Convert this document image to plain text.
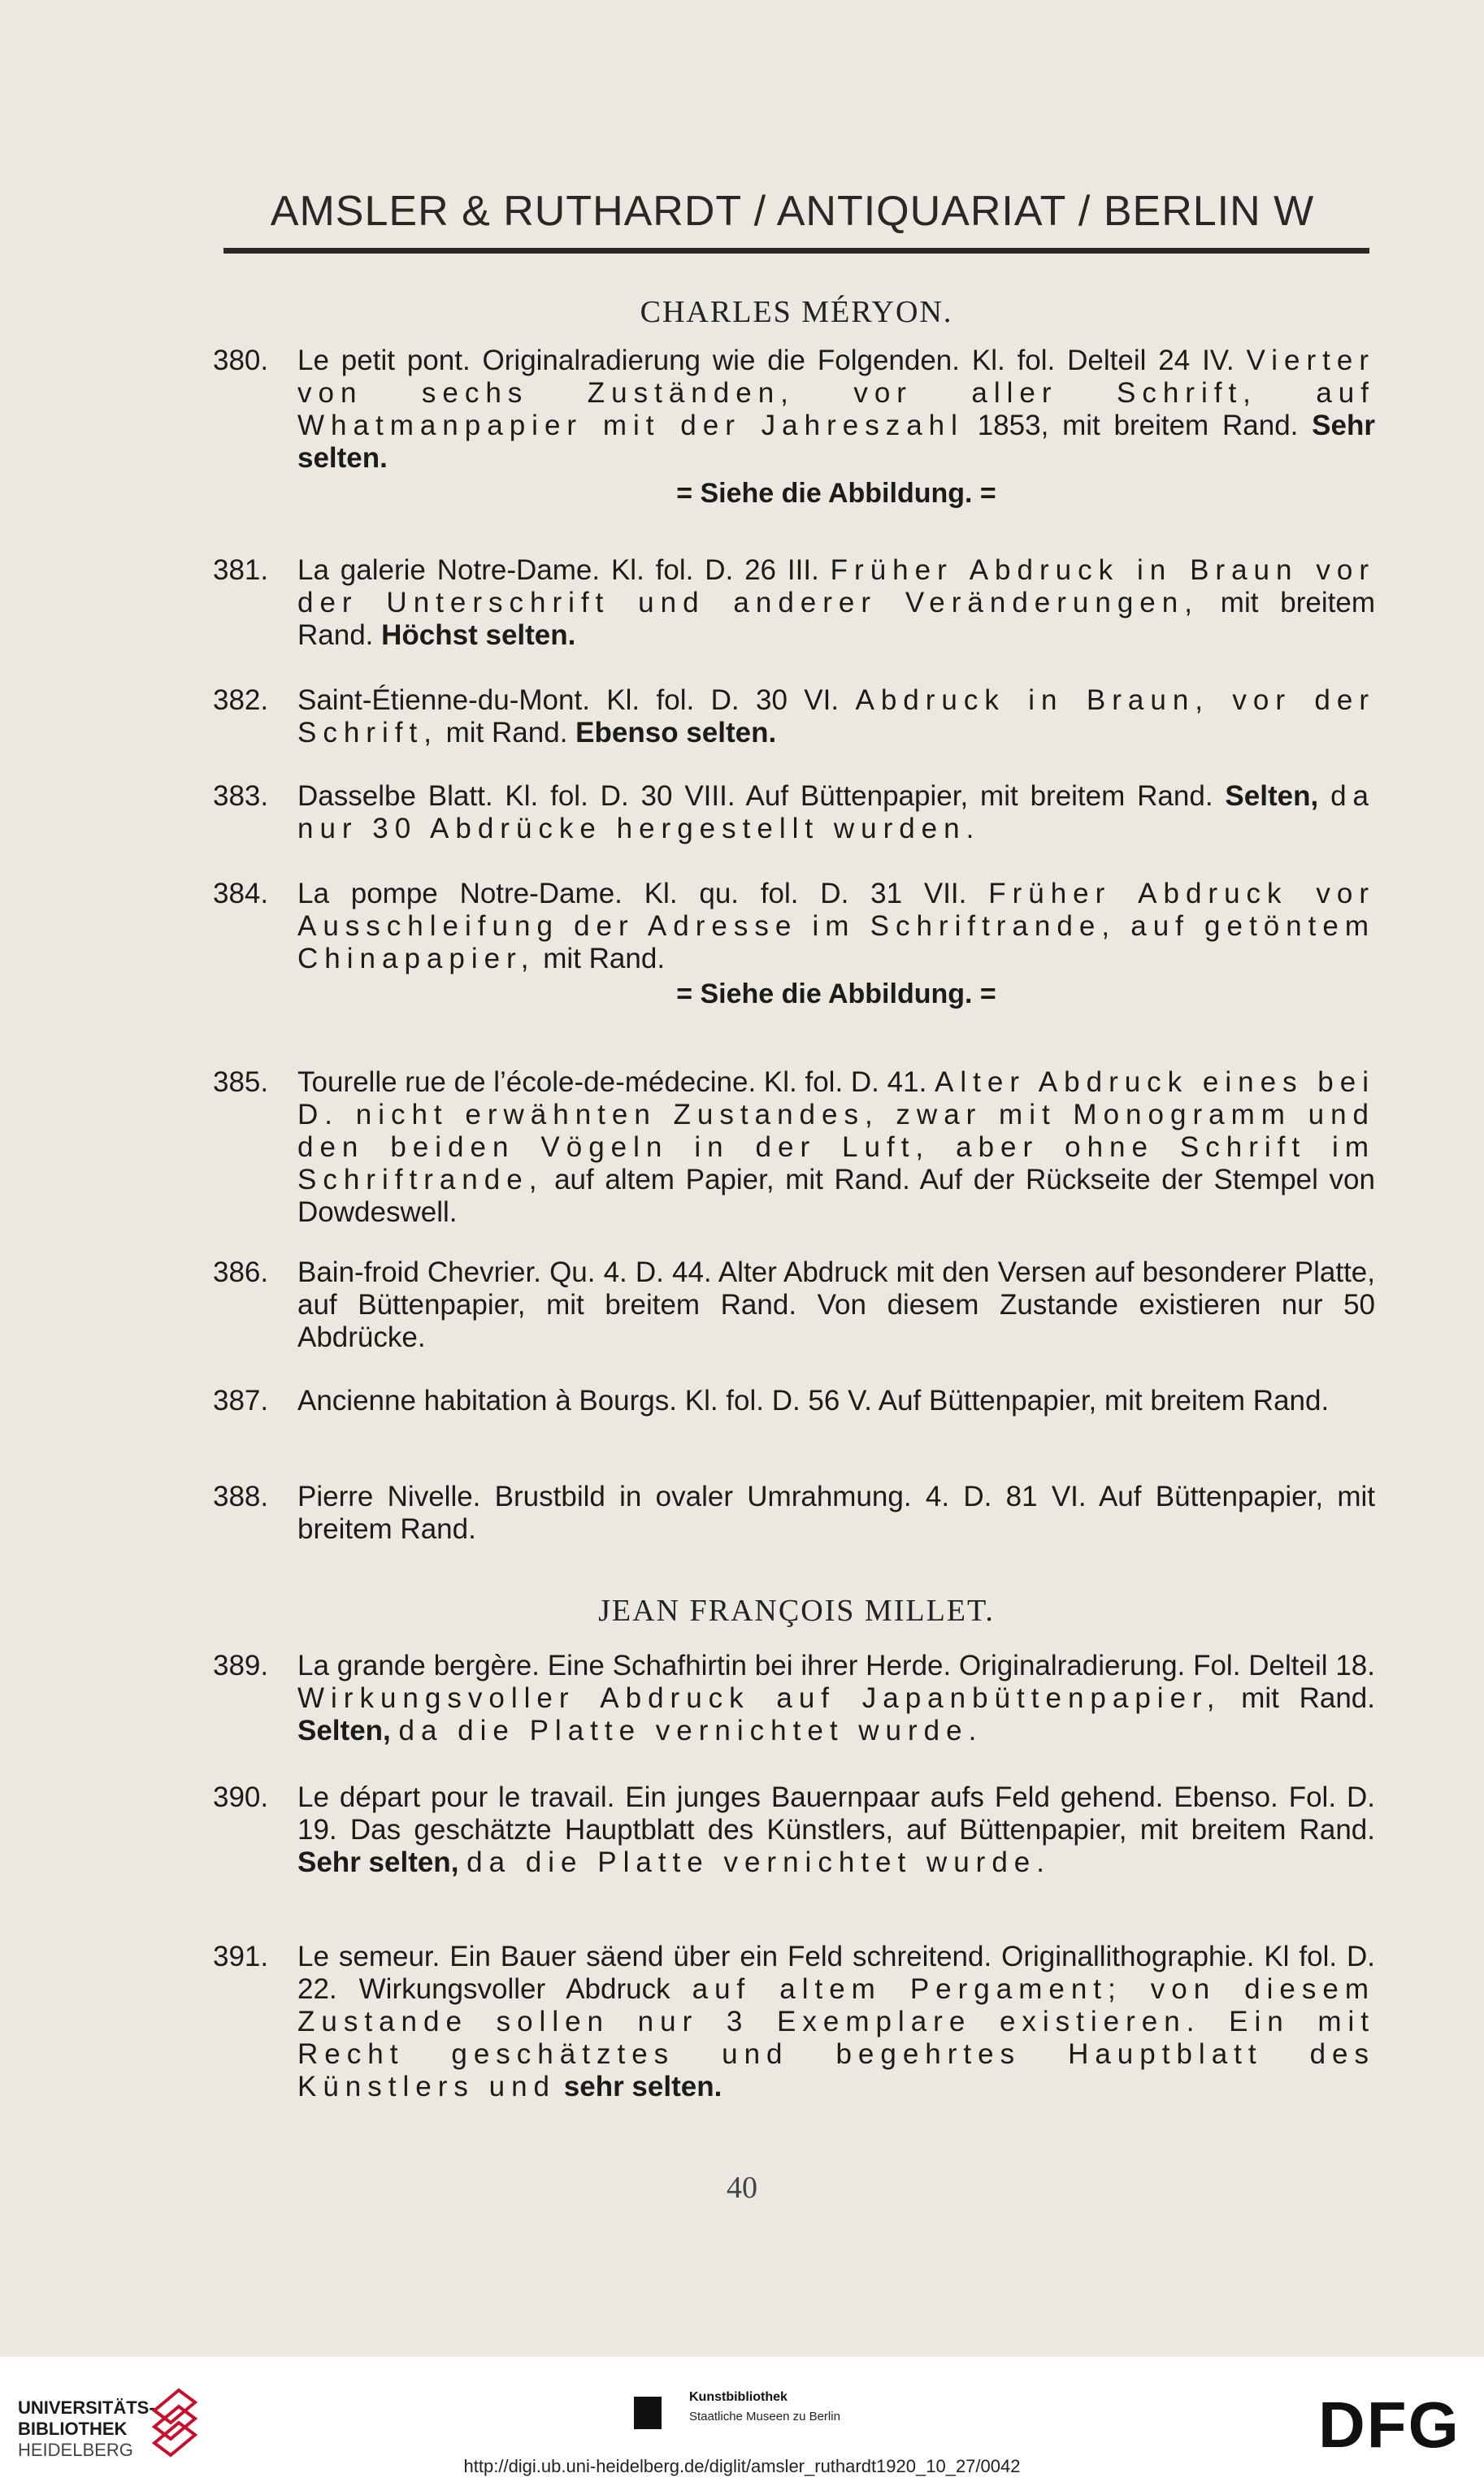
AMSLER & RUTHARDT / ANTIQUARIAT / BERLIN W
CHARLES MÉRYON.
380.	Le petit pont. Originalradierung wie die Folgenden. Kl. fol. Delteil 24 IV. Vierter von sechs Zuständen, vor aller Schrift, auf Whatmanpapier mit der Jahreszahl 1853, mit breitem Rand. Sehr selten.
= Siehe die Abbildung. =
381.	La galerie Notre-Dame. Kl. fol. D. 26 III. Früher Abdruck in Braun vor der Unterschrift und anderer Veränderungen, mit breitem Rand. Höchst selten.
382.	Saint-Étienne-du-Mont. Kl. fol. D. 30 VI. Abdruck in Braun, vor der Schrift, mit Rand. Ebenso selten.
383.	Dasselbe Blatt. Kl. fol. D. 30 VIII. Auf Büttenpapier, mit breitem Rand. Selten, da nur 30 Abdrücke hergestellt wurden.
384.	La pompe Notre-Dame. Kl. qu. fol. D. 31 VII. Früher Abdruck vor Ausschleifung der Adresse im Schriftrande, auf getöntem Chinapapier, mit Rand.
= Siehe die Abbildung. =
385.	Tourelle rue de l’école-de-médecine. Kl. fol. D. 41. Alter Abdruck eines bei D. nicht erwähnten Zustandes, zwar mit Monogramm und den beiden Vögeln in der Luft, aber ohne Schrift im Schriftrande, auf altem Papier, mit Rand. Auf der Rückseite der Stempel von Dowdeswell.
386.	Bain-froid Chevrier. Qu. 4. D. 44. Alter Abdruck mit den Versen auf besonderer Platte, auf Büttenpapier, mit breitem Rand. Von diesem Zustande existieren nur 50 Abdrücke.
387.	Ancienne habitation à Bourgs. Kl. fol. D. 56 V. Auf Büttenpapier, mit breitem Rand.
388.	Pierre Nivelle. Brustbild in ovaler Umrahmung. 4. D. 81 VI. Auf Büttenpapier, mit breitem Rand.
JEAN FRANÇOIS MILLET.
389.	La grande bergère. Eine Schafhirtin bei ihrer Herde. Originalradierung. Fol. Delteil 18. Wirkungsvoller Abdruck auf Japanbüttenpapier, mit Rand. Selten, da die Platte vernichtet wurde.
390.	Le départ pour le travail. Ein junges Bauernpaar aufs Feld gehend. Ebenso. Fol. D. 19. Das geschätzte Hauptblatt des Künstlers, auf Büttenpapier, mit breitem Rand. Sehr selten, da die Platte vernichtet wurde.
391.	Le semeur. Ein Bauer säend über ein Feld schreitend. Originallithographie. Kl fol. D. 22. Wirkungsvoller Abdruck auf altem Pergament; von diesem Zustande sollen nur 3 Exemplare existieren. Ein mit Recht geschätztes und begehrtes Hauptblatt des Künstlers und sehr selten.
40
UNIVERSITÄTS-
BIBLIOTHEK
HEIDELBERG
Kunstbibliothek
Staatliche Museen zu Berlin	DFG
http://digi.ub.uni-heidelberg.de/diglit/amsler_ruthardt1920_10_27/0042
